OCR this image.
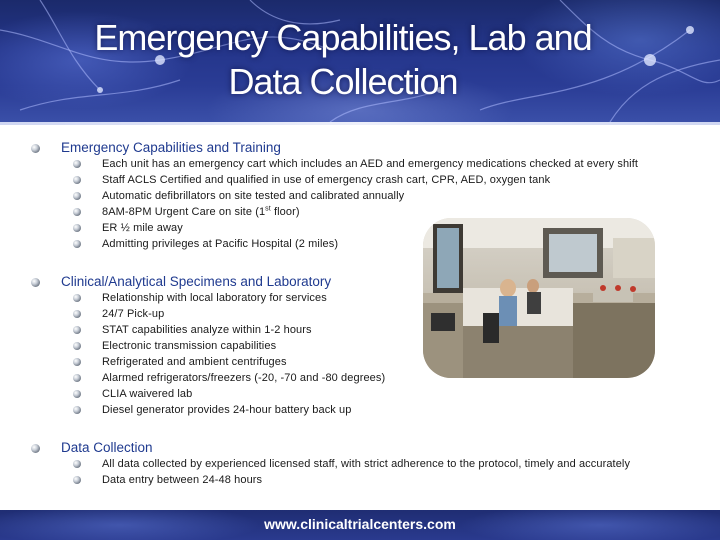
Emergency Capabilities, Lab and
Data Collection
Emergency Capabilities and Training
Each unit has an emergency cart which includes an AED and emergency medications checked at every shift
Staff ACLS Certified and qualified in use of emergency crash cart, CPR, AED, oxygen tank
Automatic defibrillators on site tested and calibrated annually
8AM-8PM Urgent Care on site (1st floor)
ER ½ mile away
Admitting privileges at Pacific Hospital (2 miles)
Clinical/Analytical Specimens and Laboratory
Relationship with local laboratory for services
24/7 Pick-up
STAT capabilities analyze within 1-2 hours
Electronic transmission capabilities
Refrigerated and ambient centrifuges
Alarmed refrigerators/freezers (-20, -70 and -80 degrees)
CLIA waivered lab
Diesel generator provides 24-hour battery back up
Data Collection
All data collected by experienced licensed staff, with strict adherence to the protocol, timely and accurately
Data entry between 24-48 hours
www.clinicaltrialcenters.com
